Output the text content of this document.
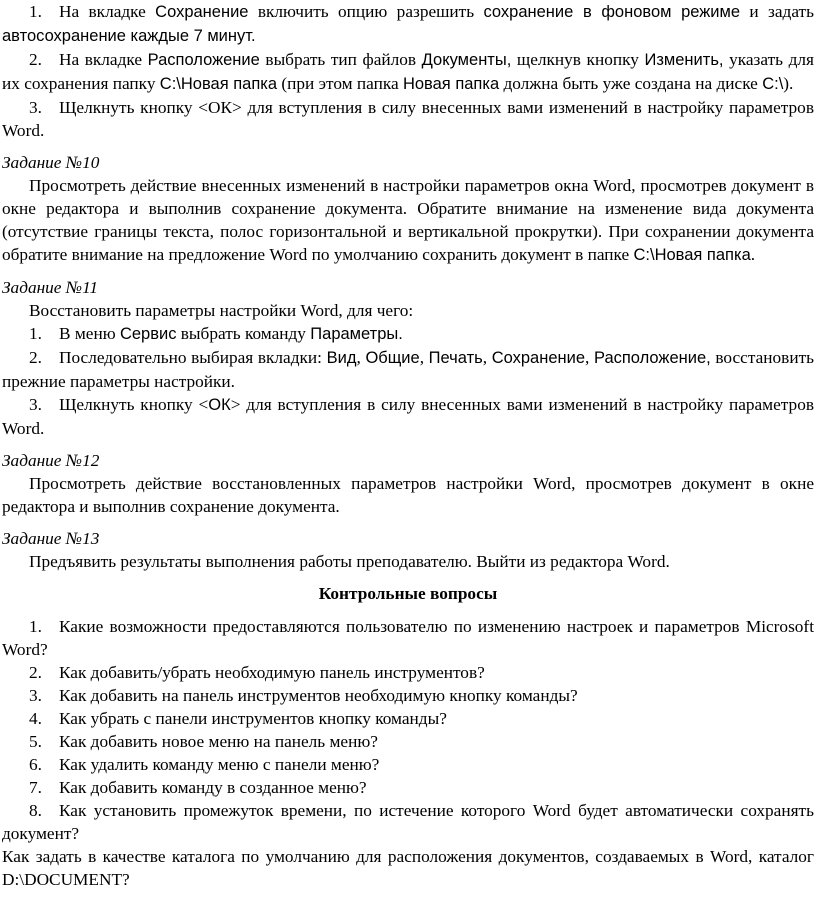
1. На вкладке Сохранение включить опцию разрешить сохранение в фоновом режиме и задать автосохранение каждые 7 минут.
2. На вкладке Расположение выбрать тип файлов Документы, щелкнув кнопку Изменить, указать для их сохранения папку С:\Новая папка (при этом папка Новая папка должна быть уже создана на диске С:\).
3. Щелкнуть кнопку <ОК> для вступления в силу внесенных вами изменений в настройку параметров Word.
Задание №10
Просмотреть действие внесенных изменений в настройки параметров окна Word, просмотрев документ в окне редактора и выполнив сохранение документа. Обратите внимание на изменение вида документа (отсутствие границы текста, полос горизонтальной и вертикальной прокрутки). При сохранении документа обратите внимание на предложение Word по умолчанию сохранить документ в папке С:\Новая папка.
Задание №11
Восстановить параметры настройки Word, для чего:
1. В меню Сервис выбрать команду Параметры.
2. Последовательно выбирая вкладки: Вид, Общие, Печать, Сохранение, Расположение, восстановить прежние параметры настройки.
3. Щелкнуть кнопку <ОК> для вступления в силу внесенных вами изменений в настройку параметров Word.
Задание №12
Просмотреть действие восстановленных параметров настройки Word, просмотрев документ в окне редактора и выполнив сохранение документа.
Задание №13
Предъявить результаты выполнения работы преподавателю. Выйти из редактора Word.
Контрольные вопросы
1. Какие возможности предоставляются пользователю по изменению настроек и параметров Microsoft Word?
2. Как добавить/убрать необходимую панель инструментов?
3. Как добавить на панель инструментов необходимую кнопку команды?
4. Как убрать с панели инструментов кнопку команды?
5. Как добавить новое меню на панель меню?
6. Как удалить команду меню с панели меню?
7. Как добавить команду в созданное меню?
8. Как установить промежуток времени, по истечение которого Word будет автоматически сохранять документ?
Как задать в качестве каталога по умолчанию для расположения документов, создаваемых в Word, каталог D:\DOCUMENT?
